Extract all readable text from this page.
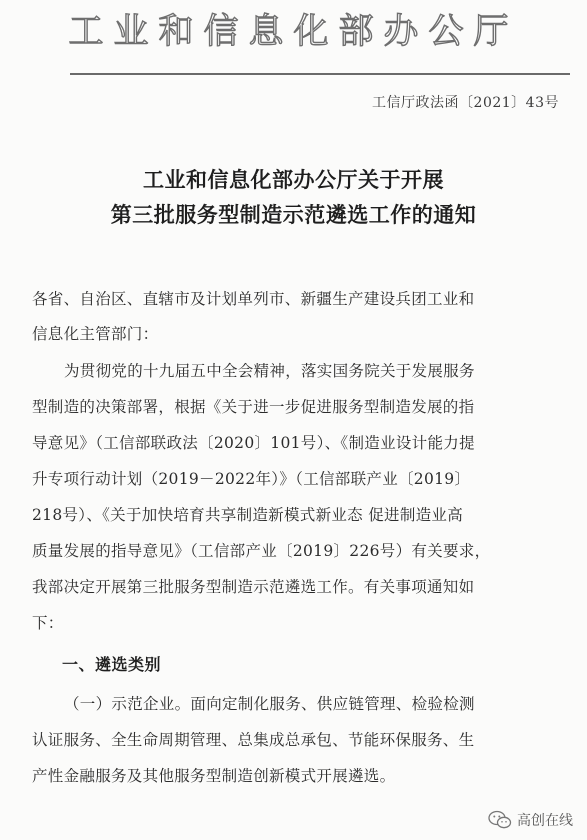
工业和信息化部办公厅
工信厅政法函〔2021〕43号
工业和信息化部办公厅关于开展
第三批服务型制造示范遴选工作的通知
各省、自治区、直辖市及计划单列市、新疆生产建设兵团工业和
信息化主管部门：
为贯彻党的十九届五中全会精神，落实国务院关于发展服务
型制造的决策部署，根据《关于进一步促进服务型制造发展的指
导意见》（工信部联政法〔2020〕101号）、《制造业设计能力提
升专项行动计划（2019－2022年）》（工信部联产业〔2019〕
218号）、《关于加快培育共享制造新模式新业态 促进制造业高
质量发展的指导意见》（工信部产业〔2019〕226号）有关要求，
我部决定开展第三批服务型制造示范遴选工作。有关事项通知如
下：
一、遴选类别
（一）示范企业。面向定制化服务、供应链管理、检验检测
认证服务、全生命周期管理、总集成总承包、节能环保服务、生
产性金融服务及其他服务型制造创新模式开展遴选。
高创在线
